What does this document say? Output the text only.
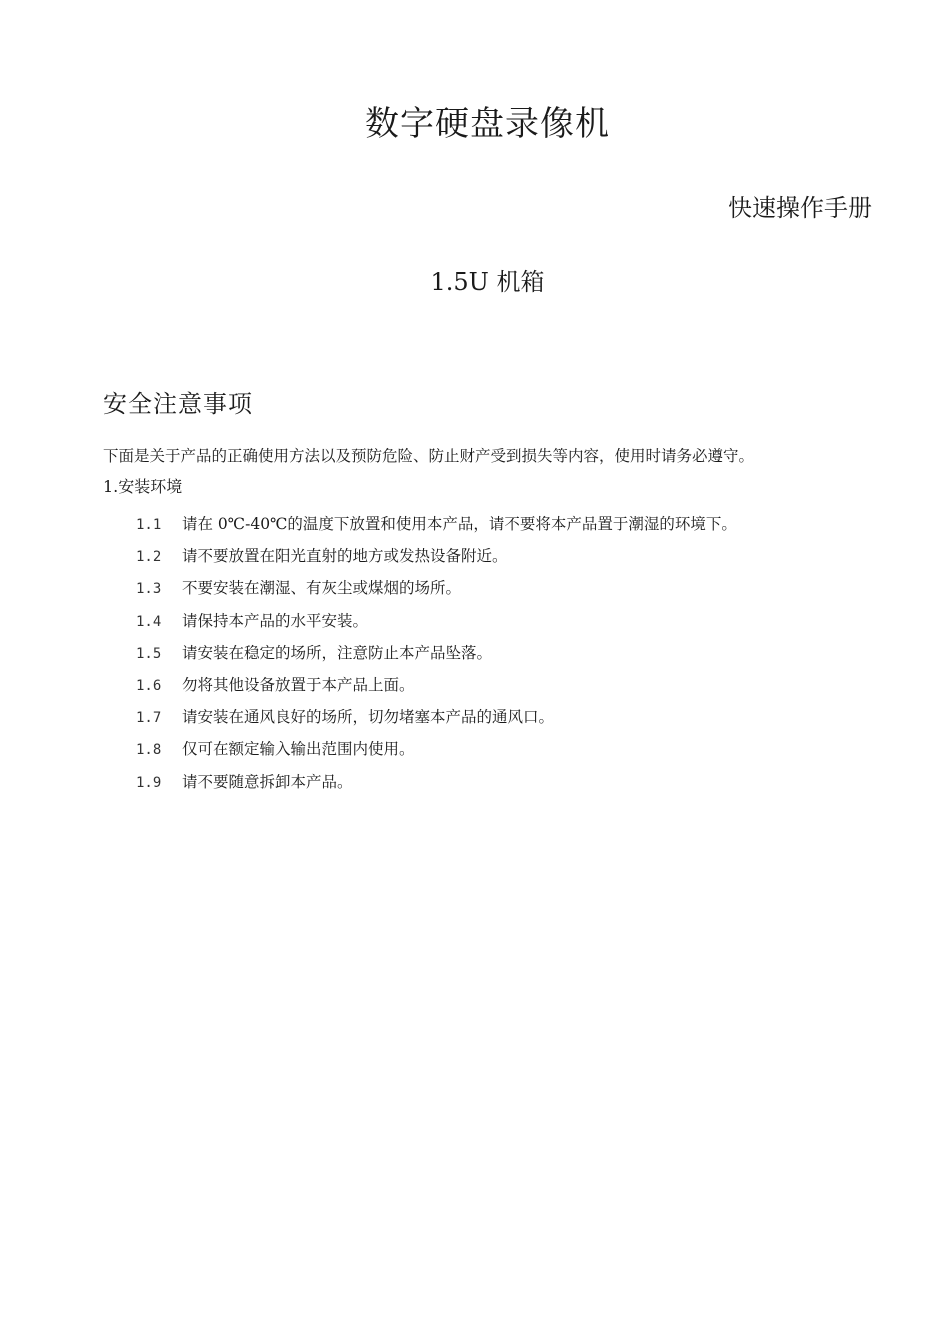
数字硬盘录像机
快速操作手册
1.5U 机箱
安全注意事项

下面是关于产品的正确使用方法以及预防危险、防止财产受到损失等内容，使用时请务必遵守。

1.安装环境

1.1 请在 0℃-40℃的温度下放置和使用本产品，请不要将本产品置于潮湿的环境下。
1.2 请不要放置在阳光直射的地方或发热设备附近。
1.3 不要安装在潮湿、有灰尘或煤烟的场所。
1.4 请保持本产品的水平安装。
1.5 请安装在稳定的场所，注意防止本产品坠落。
1.6 勿将其他设备放置于本产品上面。
1.7 请安装在通风良好的场所，切勿堵塞本产品的通风口。
1.8 仅可在额定输入输出范围内使用。
1.9 请不要随意拆卸本产品。
